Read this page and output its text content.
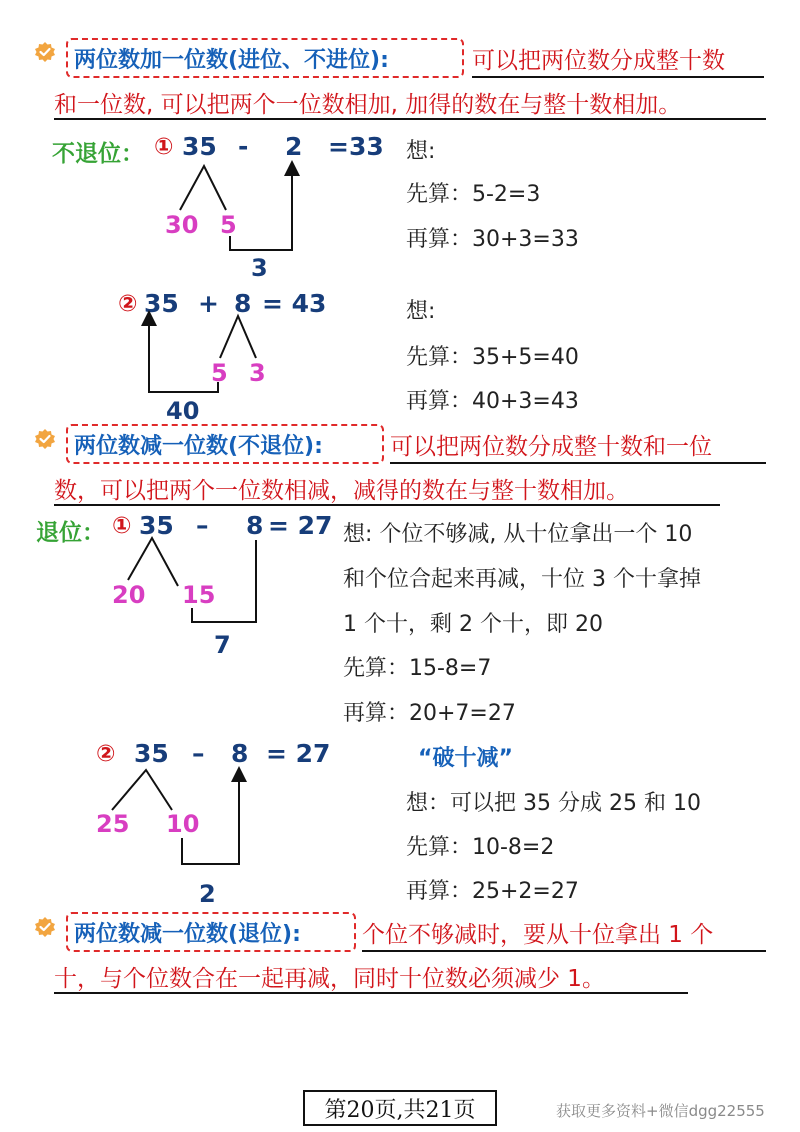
两位数加一位数(进位、不进位):	可以把两位数分成整十数
和一位数, 可以把两个一位数相加, 加得的数在与整十数相加。
不退位： ① 35 - 2 =33
30 5
3
想:
先算：5-2=3
再算：30+3=33
② 35 + 8 = 43
5 3
40
想:
先算：35+5=40
再算：40+3=43
两位数减一位数(不退位):	可以把两位数分成整十数和一位
数，可以把两个一位数相减，减得的数在与整十数相加。
退位： ① 35 – 8 = 27
20 15
7
想: 个位不够减, 从十位拿出一个 10
和个位合起来再减，十位 3 个十拿掉
1 个十，剩 2 个十，即 20
先算：15-8=7
再算：20+7=27
② 35 – 8 = 27
25 10
2
“破十减”
想：可以把 35 分成 25 和 10
先算：10-8=2
再算：25+2=27
两位数减一位数(退位):	个位不够减时，要从十位拿出 1 个
十，与个位数合在一起再减，同时十位数必须减少 1。
第20页,共21页	获取更多资料+微信dgg22555
